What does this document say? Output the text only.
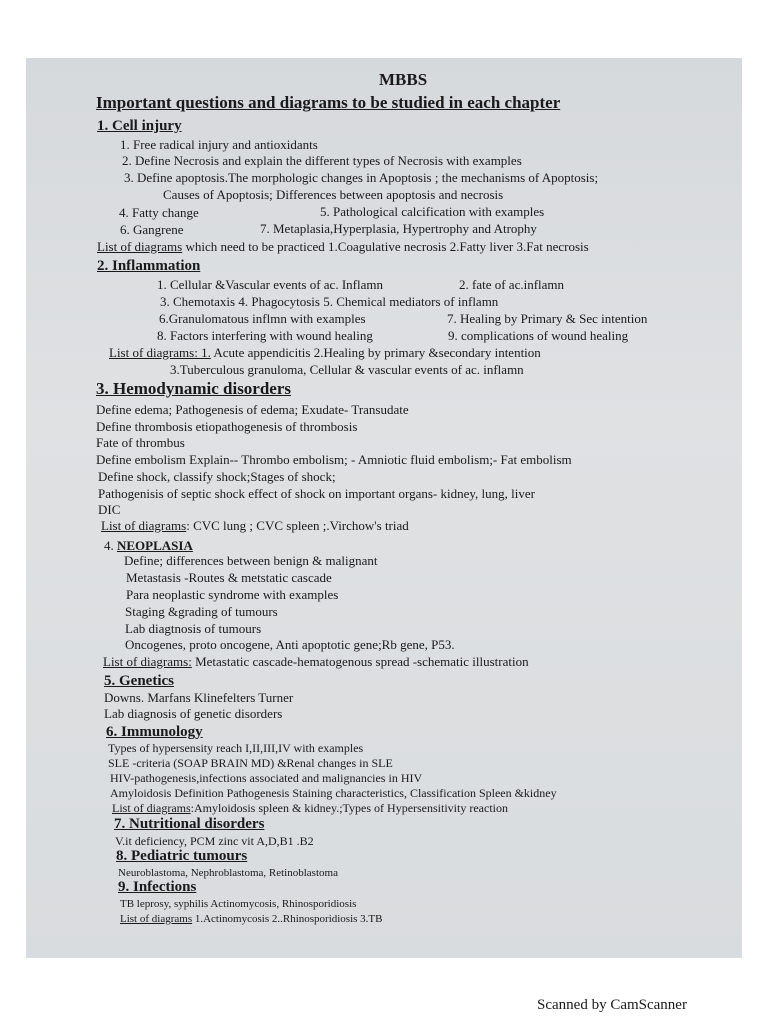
MBBS
Important questions and diagrams to be studied in each chapter
1. Cell injury
1. Free radical injury and antioxidants
2. Define Necrosis and explain the different types of Necrosis with examples
3. Define apoptosis.The morphologic changes in Apoptosis ; the mechanisms of Apoptosis;
Causes of Apoptosis; Differences between apoptosis and necrosis
4. Fatty change	5. Pathological calcification with examples
6. Gangrene	7. Metaplasia,Hyperplasia, Hypertrophy and Atrophy
List of diagrams which need to be practiced 1.Coagulative necrosis 2.Fatty liver 3.Fat necrosis
2. Inflammation
1. Cellular &Vascular events of ac. Inflamn	2. fate of ac.inflamn
3. Chemotaxis 4. Phagocytosis 5. Chemical mediators of inflamn
6.Granulomatous inflmn with examples	7. Healing by Primary & Sec intention
8. Factors interfering with wound healing	9. complications of wound healing
List of diagrams: 1. Acute appendicitis 2.Healing by primary &secondary intention
3.Tuberculous granuloma, Cellular & vascular events of ac. inflamn
3. Hemodynamic disorders
Define edema; Pathogenesis of edema; Exudate- Transudate
Define thrombosis etiopathogenesis of thrombosis
Fate of thrombus
Define embolism Explain-- Thrombo embolism; - Amniotic fluid embolism;- Fat embolism
Define shock, classify shock;Stages of shock;
Pathogenisis of septic shock effect of shock on important organs- kidney, lung, liver
DIC
List of diagrams: CVC lung ; CVC spleen ;.Virchow's triad
4. NEOPLASIA
Define; differences between benign & malignant
Metastasis -Routes & metstatic cascade
Para neoplastic syndrome with examples
Staging &grading of tumours
Lab diagtnosis of tumours
Oncogenes, proto oncogene, Anti apoptotic gene;Rb gene, P53.
List of diagrams: Metastatic cascade-hematogenous spread -schematic illustration
5. Genetics
Downs. Marfans Klinefelters Turner
Lab diagnosis of genetic disorders
6. Immunology
Types of hypersensity reach I,II,III,IV with examples
SLE -criteria (SOAP BRAIN MD) &Renal changes in SLE
HIV-pathogenesis,infections associated and malignancies in HIV
Amyloidosis Definition Pathogenesis Staining characteristics, Classification Spleen &kidney
List of diagrams:Amyloidosis spleen & kidney.;Types of Hypersensitivity reaction
7. Nutritional disorders
V.it deficiency, PCM zinc vit A,D,B1 .B2
8. Pediatric tumours
Neuroblastoma, Nephroblastoma, Retinoblastoma
9. Infections
TB leprosy, syphilis Actinomycosis, Rhinosporidiosis
List of diagrams 1.Actinomycosis 2..Rhinosporidiosis 3.TB
Scanned by CamScanner
